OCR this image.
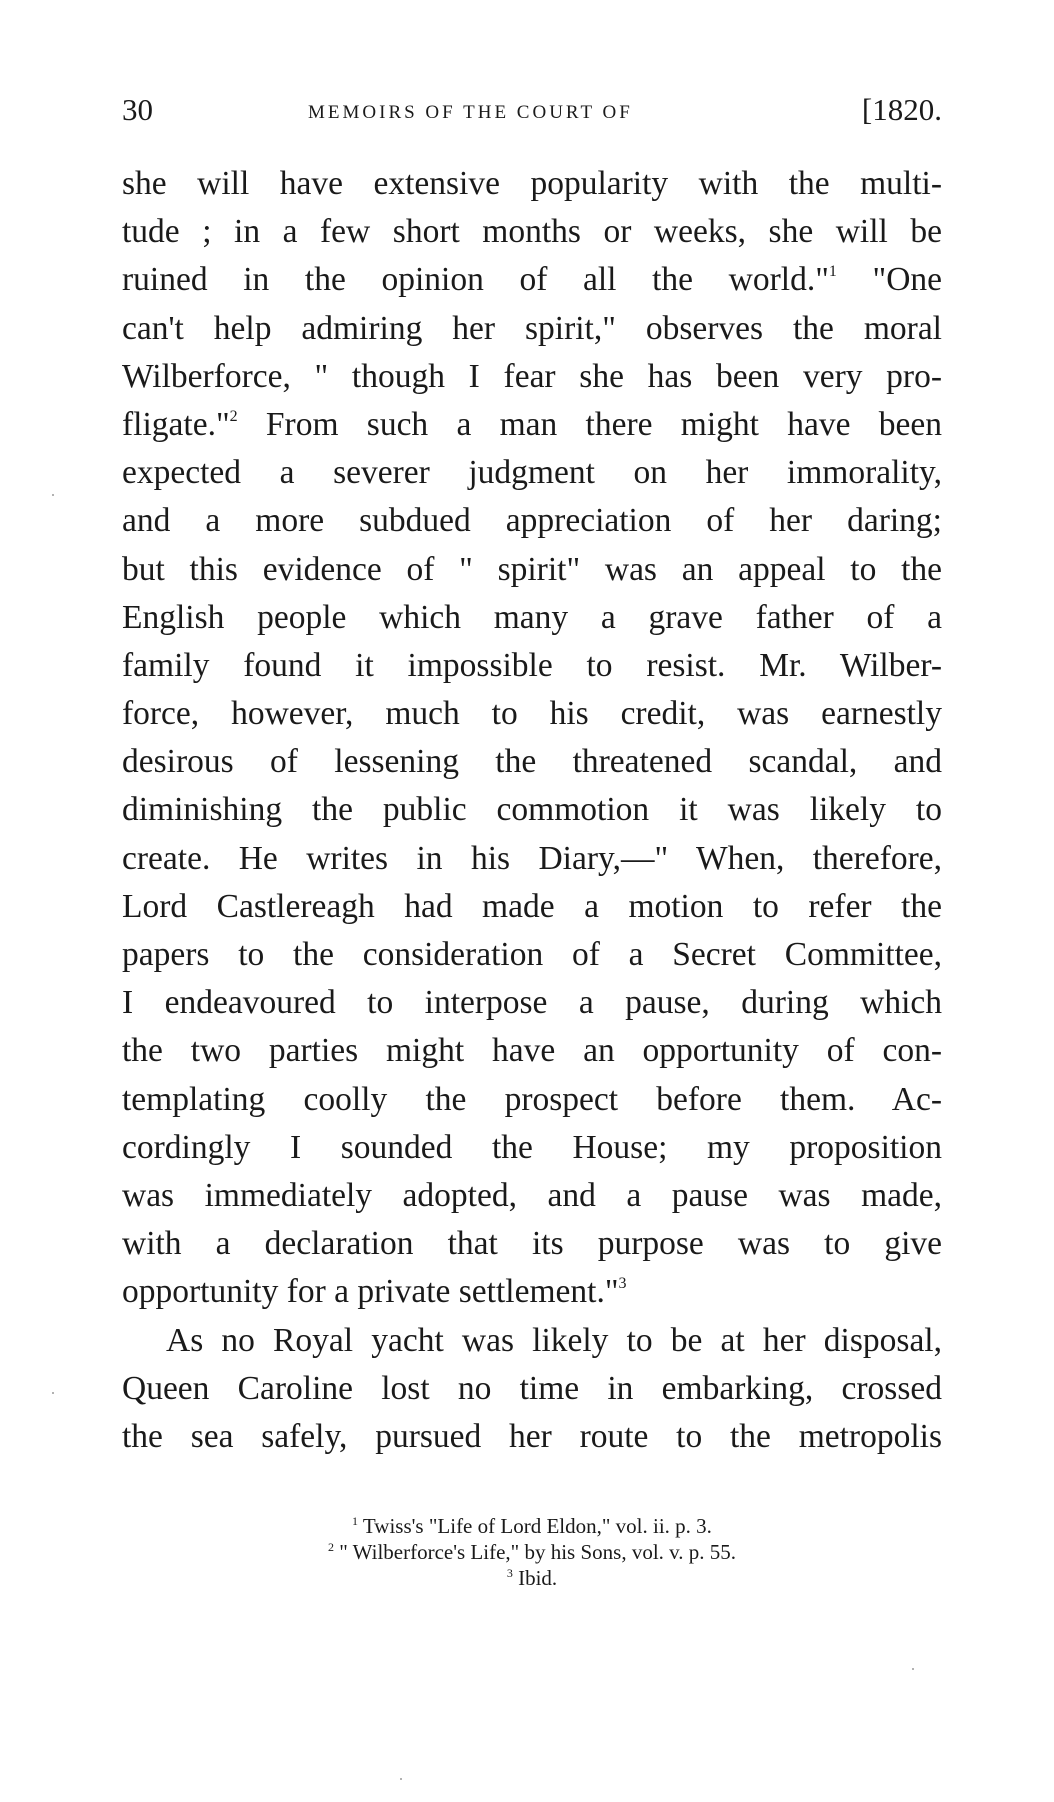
30	MEMOIRS OF THE COURT OF	[1820.
she will have extensive popularity with the multi-
tude ; in a few short months or weeks, she will be
ruined in the opinion of all the world."$^1$ "One
can't help admiring her spirit," observes the moral
Wilberforce, " though I fear she has been very pro-
fligate."$^2$ From such a man there might have been
expected a severer judgment on her immorality,
and a more subdued appreciation of her daring;
but this evidence of " spirit" was an appeal to the
English people which many a grave father of a
family found it impossible to resist. Mr. Wilber-
force, however, much to his credit, was earnestly
desirous of lessening the threatened scandal, and
diminishing the public commotion it was likely to
create. He writes in his Diary,—" When, therefore,
Lord Castlereagh had made a motion to refer the
papers to the consideration of a Secret Committee,
I endeavoured to interpose a pause, during which
the two parties might have an opportunity of con-
templating coolly the prospect before them. Ac-
cordingly I sounded the House; my proposition
was immediately adopted, and a pause was made,
with a declaration that its purpose was to give
opportunity for a private settlement."$^3$
As no Royal yacht was likely to be at her disposal,
Queen Caroline lost no time in embarking, crossed
the sea safely, pursued her route to the metropolis
$^1$ Twiss's "Life of Lord Eldon," vol. ii. p. 3.
$^2$ " Wilberforce's Life," by his Sons, vol. v. p. 55.
$^3$ Ibid.
